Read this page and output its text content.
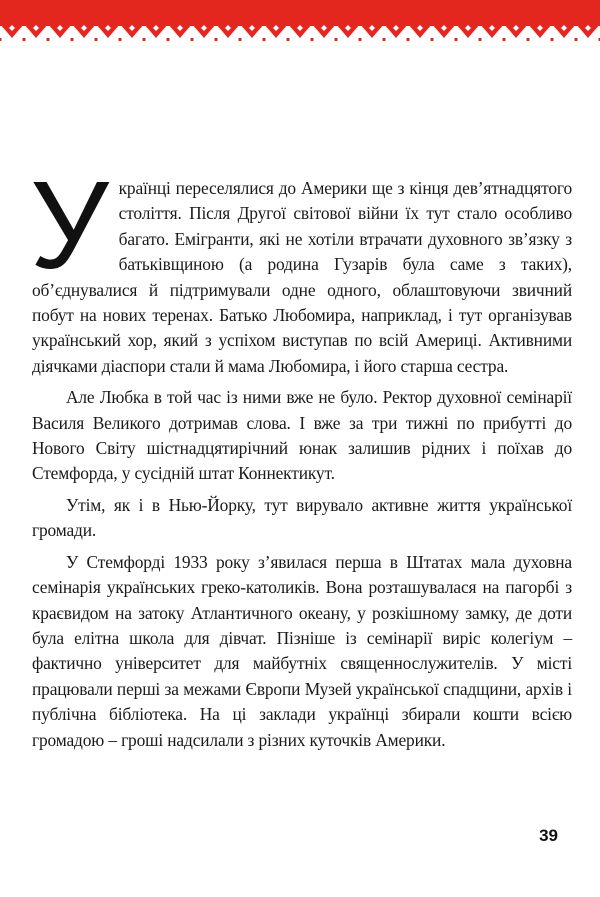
У країнці переселялися до Америки ще з кінця дев’ятнадцятого століття. Після Другої світової війни їх тут стало особливо багато. Емігранти, які не хотіли втрачати духовного зв’язку з батьківщиною (а родина Гузарів була саме з таких), об’єднувалися й підтримували одне одного, облаштовуючи звичний побут на нових теренах. Батько Любомира, наприклад, і тут організував український хор, який з успіхом виступав по всій Америці. Активними діячками діаспори стали й мама Любомира, і його старша сестра.

Але Любка в той час із ними вже не було. Ректор духовної семінарії Василя Великого дотримав слова. І вже за три тижні по прибутті до Нового Світу шістнадцятирічний юнак залишив рідних і поїхав до Стемфорда, у сусідній штат Коннектикут.

Утім, як і в Нью-Йорку, тут вирувало активне життя української громади.

У Стемфорді 1933 року з’явилася перша в Штатах мала духовна семінарія українських греко-католиків. Вона розташувалася на пагорбі з краєвидом на затоку Атлантичного океану, у розкішному замку, де доти була елітна школа для дівчат. Пізніше із семінарії виріс колегіум – фактично університет для майбутніх священнослужителів. У місті працювали перші за межами Європи Музей української спадщини, архів і публічна бібліотека. На ці заклади українці збирали кошти всією громадою – гроші надсилали з різних куточків Америки.

39
